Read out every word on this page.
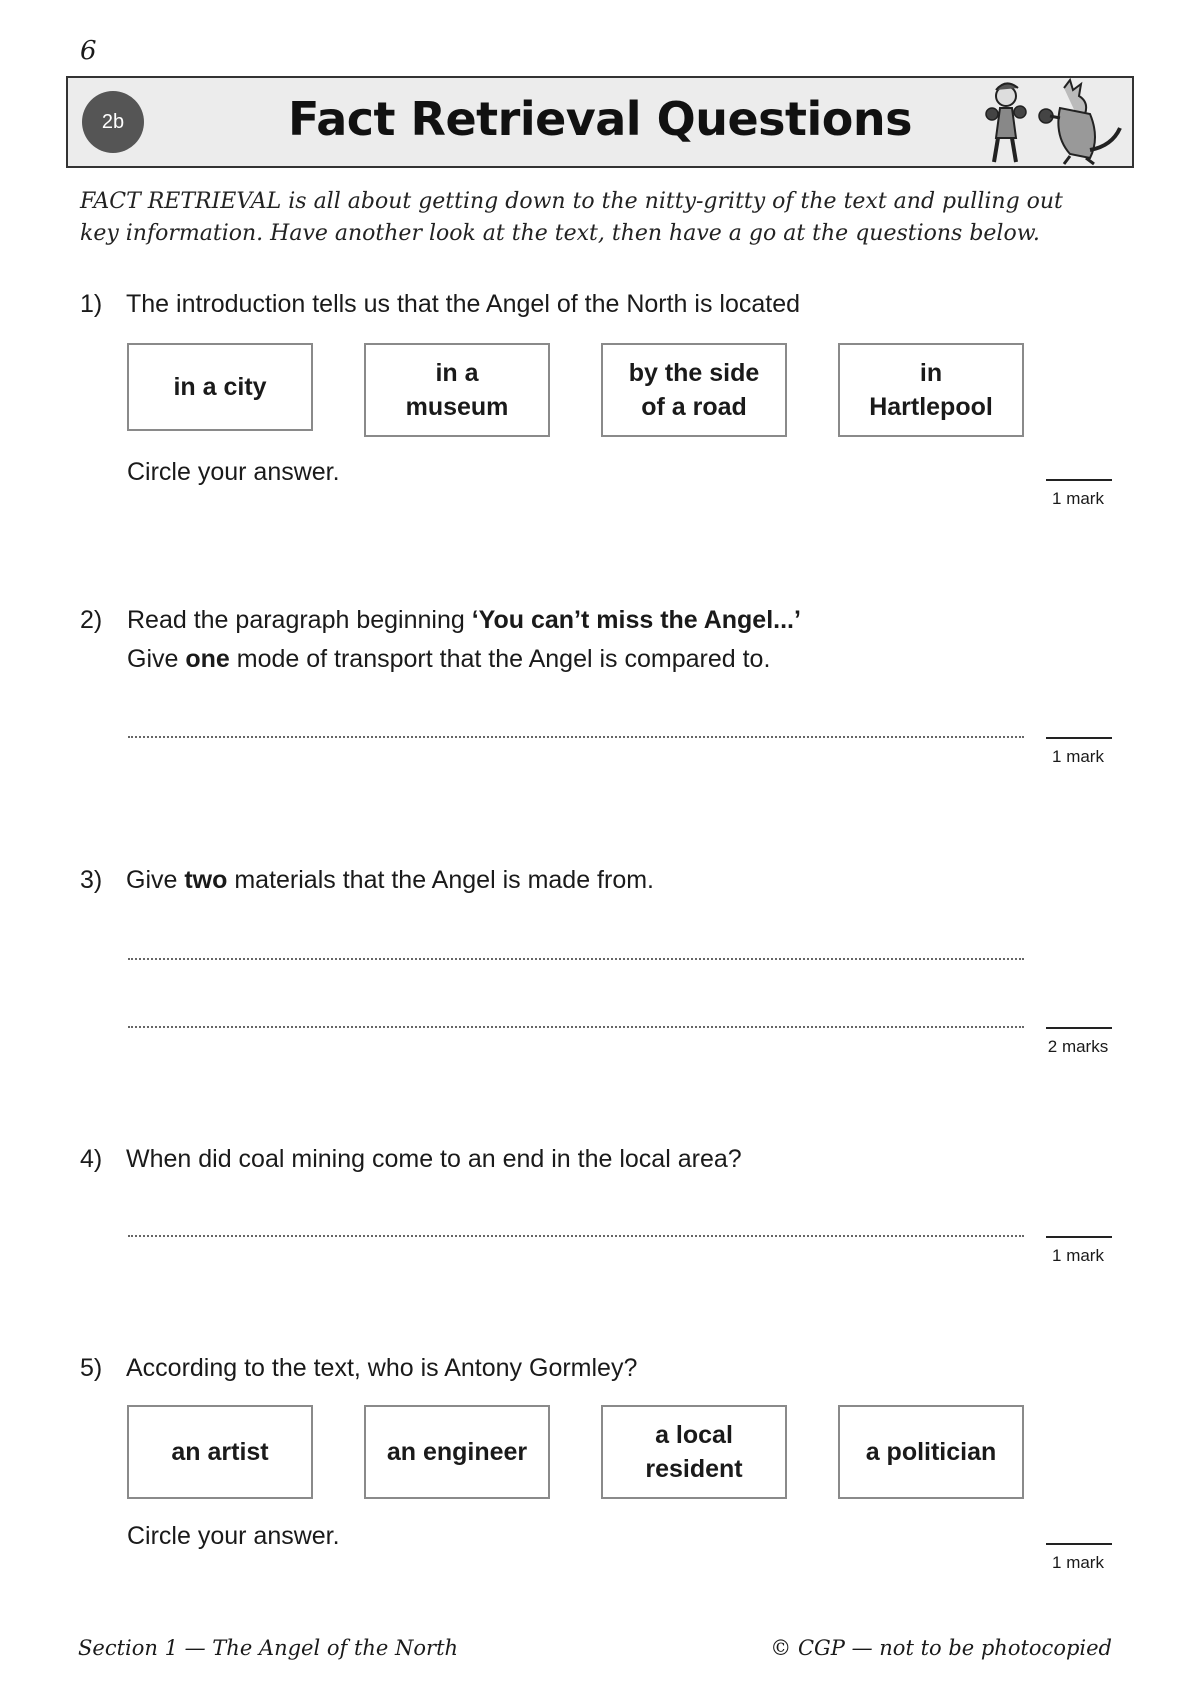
6
2b	Fact Retrieval Questions
FACT RETRIEVAL is all about getting down to the nitty-gritty of the text and pulling out
key information. Have another look at the text, then have a go at the questions below.
1) The introduction tells us that the Angel of the North is located
in a city	in a
museum
by the side
of a road
in
Hartlepool
Circle your answer.
1 mark
2) Read the paragraph beginning ‘You can’t miss the Angel...’
Give one mode of transport that the Angel is compared to.
1 mark
3) Give two materials that the Angel is made from.
2 marks
4) When did coal mining come to an end in the local area?
1 mark
5) According to the text, who is Antony Gormley?
an artist	an engineer
a local
resident
a politician
Circle your answer.
1 mark
Section 1 — The Angel of the North	© CGP — not to be photocopied
